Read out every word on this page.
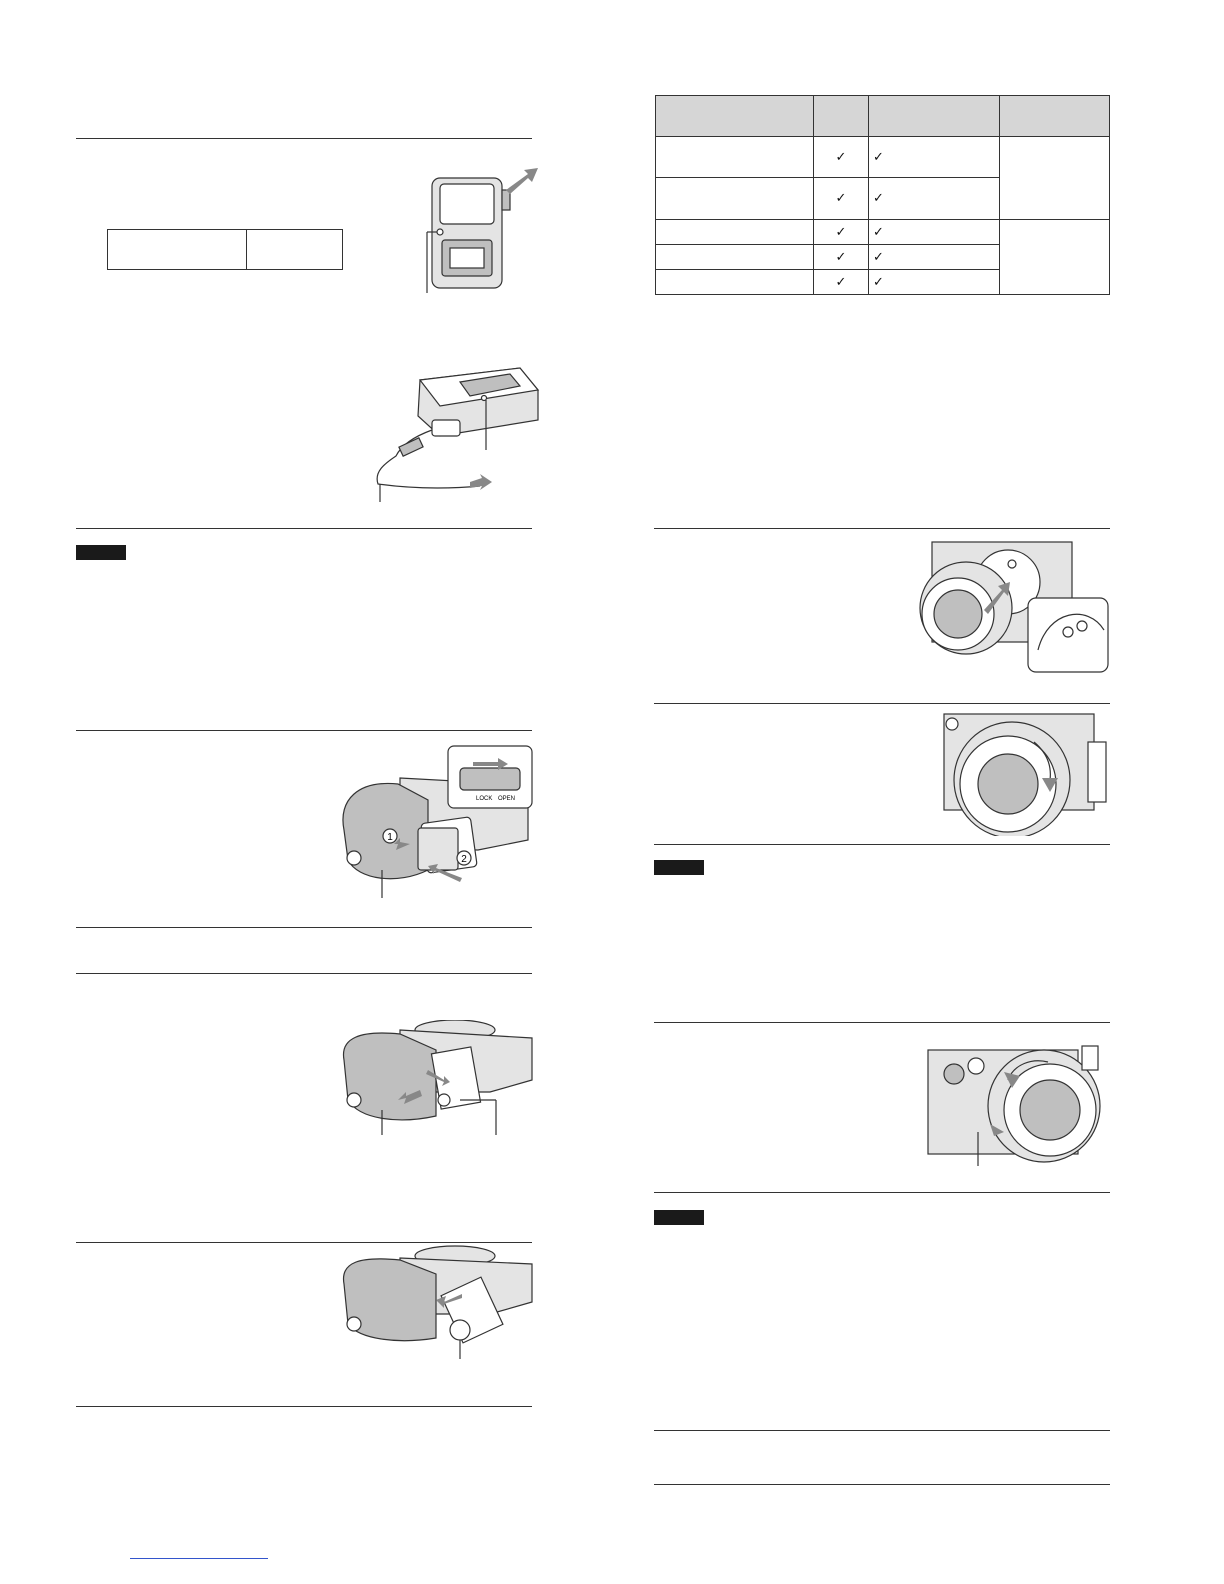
	✓	✓	
	✓	✓	
	✓	✓	
	✓	✓	
	✓	✓	
1
2
LOCK OPEN
